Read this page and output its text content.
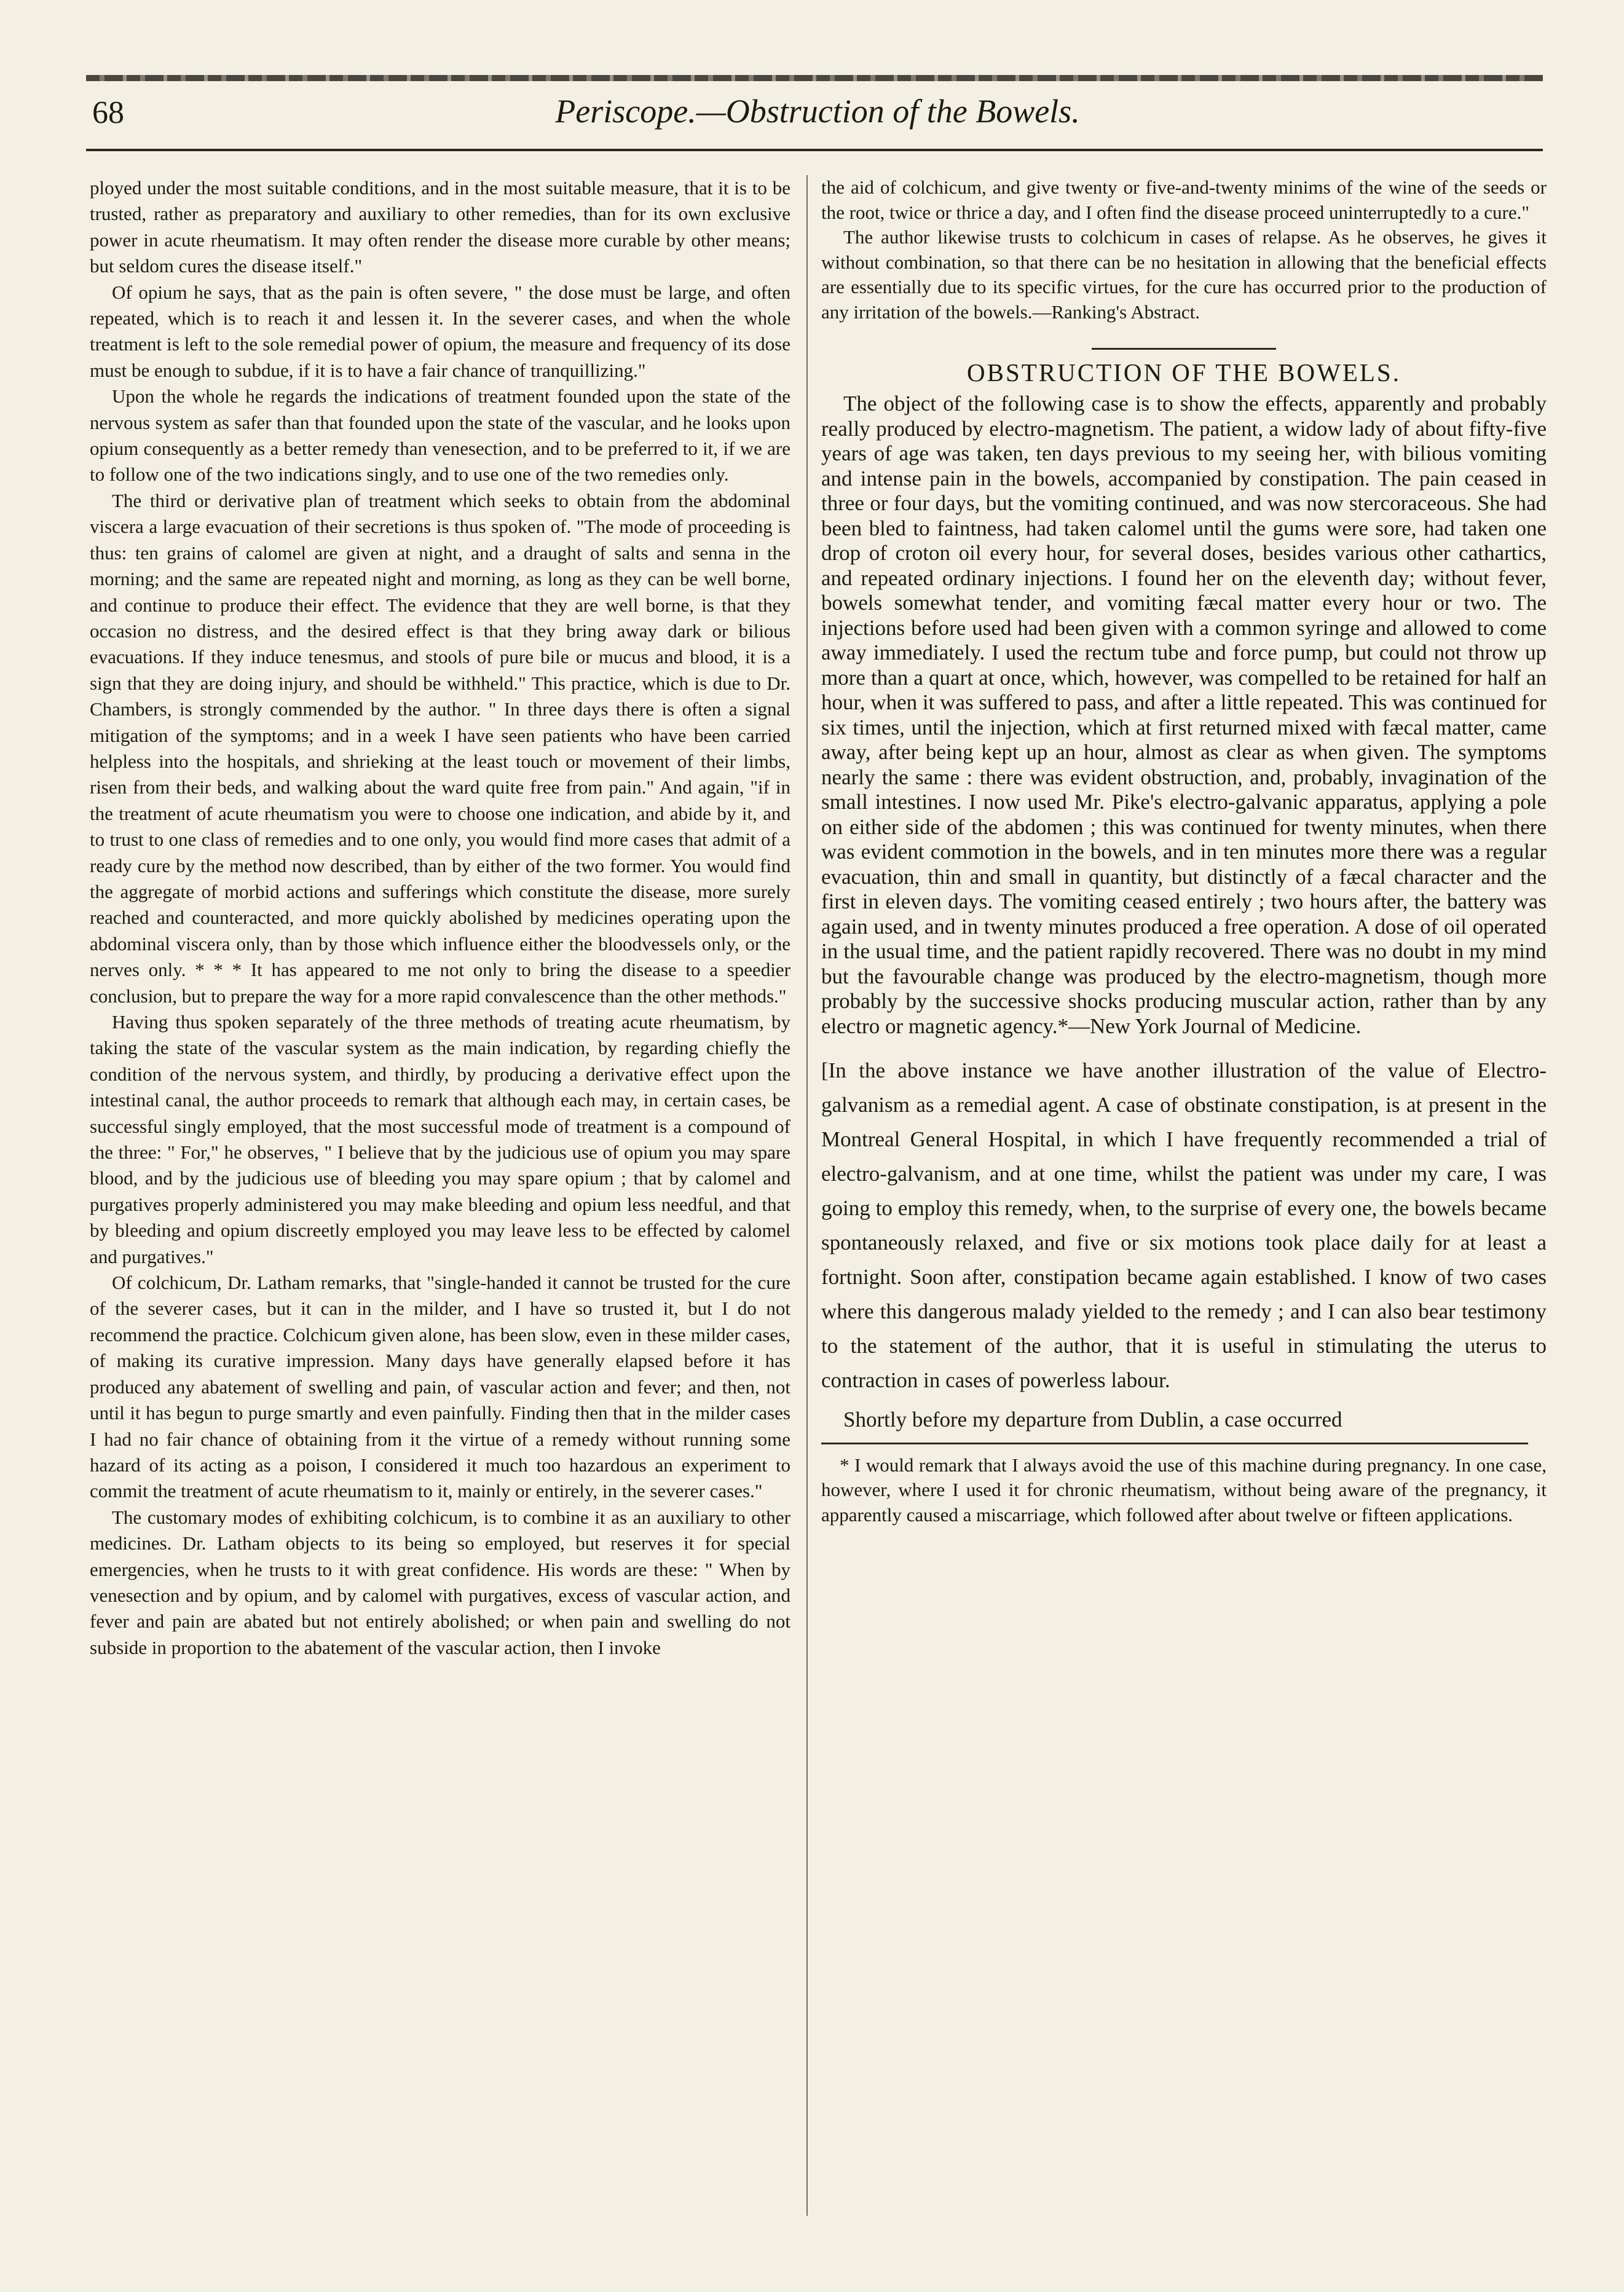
68	Periscope.—Obstruction of the Bowels.

ployed under the most suitable conditions, and in the most suitable measure, that it is to be trusted, rather as preparatory and auxiliary to other remedies, than for its own exclusive power in acute rheumatism. It may often render the disease more curable by other means; but seldom cures the disease itself."

Of opium he says, that as the pain is often severe, " the dose must be large, and often repeated, which is to reach it and lessen it. In the severer cases, and when the whole treatment is left to the sole remedial power of opium, the measure and frequency of its dose must be enough to subdue, if it is to have a fair chance of tranquillizing."

Upon the whole he regards the indications of treatment founded upon the state of the nervous system as safer than that founded upon the state of the vascular, and he looks upon opium consequently as a better remedy than venesection, and to be preferred to it, if we are to follow one of the two indications singly, and to use one of the two remedies only.

The third or derivative plan of treatment which seeks to obtain from the abdominal viscera a large evacuation of their secretions is thus spoken of. "The mode of proceeding is thus: ten grains of calomel are given at night, and a draught of salts and senna in the morning; and the same are repeated night and morning, as long as they can be well borne, and continue to produce their effect. The evidence that they are well borne, is that they occasion no distress, and the desired effect is that they bring away dark or bilious evacuations. If they induce tenesmus, and stools of pure bile or mucus and blood, it is a sign that they are doing injury, and should be withheld." This practice, which is due to Dr. Chambers, is strongly commended by the author. " In three days there is often a signal mitigation of the symptoms; and in a week I have seen patients who have been carried helpless into the hospitals, and shrieking at the least touch or movement of their limbs, risen from their beds, and walking about the ward quite free from pain." And again, "if in the treatment of acute rheumatism you were to choose one indication, and abide by it, and to trust to one class of remedies and to one only, you would find more cases that admit of a ready cure by the method now described, than by either of the two former. You would find the aggregate of morbid actions and sufferings which constitute the disease, more surely reached and counteracted, and more quickly abolished by medicines operating upon the abdominal viscera only, than by those which influence either the bloodvessels only, or the nerves only. * * * It has appeared to me not only to bring the disease to a speedier conclusion, but to prepare the way for a more rapid convalescence than the other methods."

Having thus spoken separately of the three methods of treating acute rheumatism, by taking the state of the vascular system as the main indication, by regarding chiefly the condition of the nervous system, and thirdly, by producing a derivative effect upon the intestinal canal, the author proceeds to remark that although each may, in certain cases, be successful singly employed, that the most successful mode of treatment is a compound of the three: " For," he observes, " I believe that by the judicious use of opium you may spare blood, and by the judicious use of bleeding you may spare opium ; that by calomel and purgatives properly administered you may make bleeding and opium less needful, and that by bleeding and opium discreetly employed you may leave less to be effected by calomel and purgatives."

Of colchicum, Dr. Latham remarks, that "single-handed it cannot be trusted for the cure of the severer cases, but it can in the milder, and I have so trusted it, but I do not recommend the practice. Colchicum given alone, has been slow, even in these milder cases, of making its curative impression. Many days have generally elapsed before it has produced any abatement of swelling and pain, of vascular action and fever; and then, not until it has begun to purge smartly and even painfully. Finding then that in the milder cases I had no fair chance of obtaining from it the virtue of a remedy without running some hazard of its acting as a poison, I considered it much too hazardous an experiment to commit the treatment of acute rheumatism to it, mainly or entirely, in the severer cases."

The customary modes of exhibiting colchicum, is to combine it as an auxiliary to other medicines. Dr. Latham objects to its being so employed, but reserves it for special emergencies, when he trusts to it with great confidence. His words are these: " When by venesection and by opium, and by calomel with purgatives, excess of vascular action, and fever and pain are abated but not entirely abolished; or when pain and swelling do not subside in proportion to the abatement of the vascular action, then I invoke

the aid of colchicum, and give twenty or five-and-twenty minims of the wine of the seeds or the root, twice or thrice a day, and I often find the disease proceed uninterruptedly to a cure."

The author likewise trusts to colchicum in cases of relapse. As he observes, he gives it without combination, so that there can be no hesitation in allowing that the beneficial effects are essentially due to its specific virtues, for the cure has occurred prior to the production of any irritation of the bowels.—Ranking's Abstract.

OBSTRUCTION OF THE BOWELS.

The object of the following case is to show the effects, apparently and probably really produced by electro-magnetism. The patient, a widow lady of about fifty-five years of age was taken, ten days previous to my seeing her, with bilious vomiting and intense pain in the bowels, accompanied by constipation. The pain ceased in three or four days, but the vomiting continued, and was now stercoraceous. She had been bled to faintness, had taken calomel until the gums were sore, had taken one drop of croton oil every hour, for several doses, besides various other cathartics, and repeated ordinary injections. I found her on the eleventh day; without fever, bowels somewhat tender, and vomiting fæcal matter every hour or two. The injections before used had been given with a common syringe and allowed to come away immediately. I used the rectum tube and force pump, but could not throw up more than a quart at once, which, however, was compelled to be retained for half an hour, when it was suffered to pass, and after a little repeated. This was continued for six times, until the injection, which at first returned mixed with fæcal matter, came away, after being kept up an hour, almost as clear as when given. The symptoms nearly the same : there was evident obstruction, and, probably, invagination of the small intestines. I now used Mr. Pike's electro-galvanic apparatus, applying a pole on either side of the abdomen ; this was continued for twenty minutes, when there was evident commotion in the bowels, and in ten minutes more there was a regular evacuation, thin and small in quantity, but distinctly of a fæcal character and the first in eleven days. The vomiting ceased entirely ; two hours after, the battery was again used, and in twenty minutes produced a free operation. A dose of oil operated in the usual time, and the patient rapidly recovered. There was no doubt in my mind but the favourable change was produced by the electro-magnetism, though more probably by the successive shocks producing muscular action, rather than by any electro or magnetic agency.*—New York Journal of Medicine.

[In the above instance we have another illustration of the value of Electro-galvanism as a remedial agent. A case of obstinate constipation, is at present in the Montreal General Hospital, in which I have frequently recommended a trial of electro-galvanism, and at one time, whilst the patient was under my care, I was going to employ this remedy, when, to the surprise of every one, the bowels became spontaneously relaxed, and five or six motions took place daily for at least a fortnight. Soon after, constipation became again established. I know of two cases where this dangerous malady yielded to the remedy ; and I can also bear testimony to the statement of the author, that it is useful in stimulating the uterus to contraction in cases of powerless labour.

Shortly before my departure from Dublin, a case occurred

* I would remark that I always avoid the use of this machine during pregnancy. In one case, however, where I used it for chronic rheumatism, without being aware of the pregnancy, it apparently caused a miscarriage, which followed after about twelve or fifteen applications.
